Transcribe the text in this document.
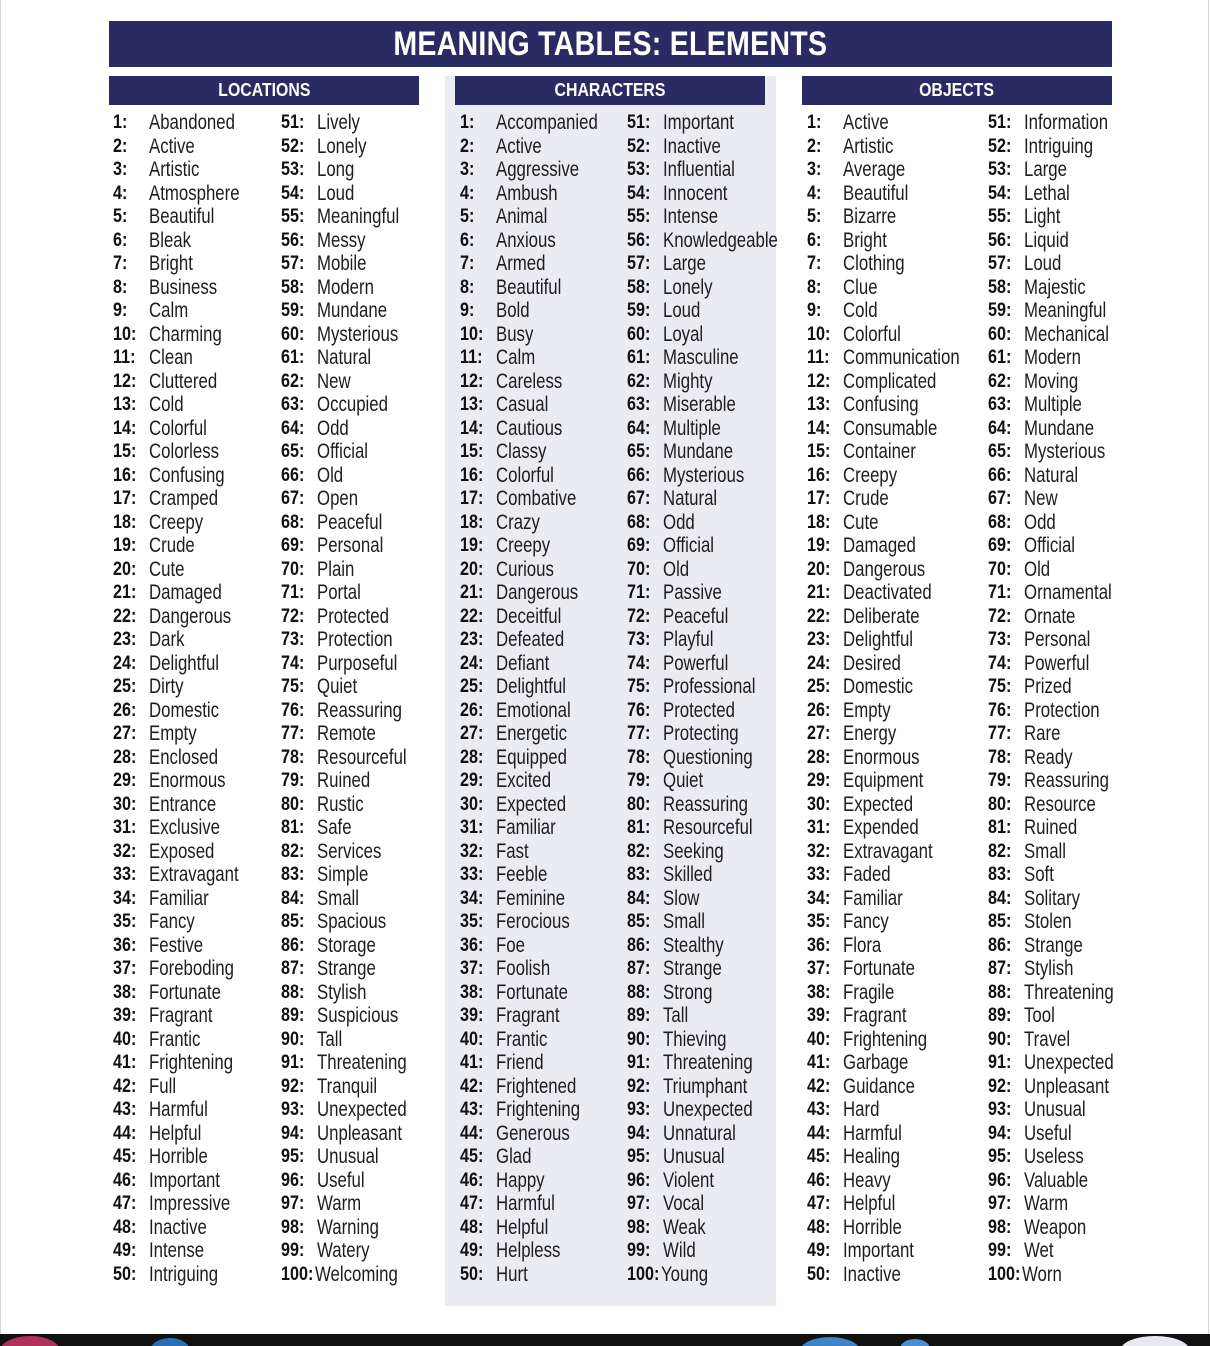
MEANING TABLES: ELEMENTS
LOCATIONS	CHARACTERS	OBJECTS
1: Abandoned
2: Active
3: Artistic
4: Atmosphere
5: Beautiful
6: Bleak
7: Bright
8: Business
9: Calm
10: Charming
11: Clean
12: Cluttered
13: Cold
14: Colorful
15: Colorless
16: Confusing
17: Cramped
18: Creepy
19: Crude
20: Cute
21: Damaged
22: Dangerous
23: Dark
24: Delightful
25: Dirty
26: Domestic
27: Empty
28: Enclosed
29: Enormous
30: Entrance
31: Exclusive
32: Exposed
33: Extravagant
34: Familiar
35: Fancy
36: Festive
37: Foreboding
38: Fortunate
39: Fragrant
40: Frantic
41: Frightening
42: Full
43: Harmful
44: Helpful
45: Horrible
46: Important
47: Impressive
48: Inactive
49: Intense
50: Intriguing
51: Lively
52: Lonely
53: Long
54: Loud
55: Meaningful
56: Messy
57: Mobile
58: Modern
59: Mundane
60: Mysterious
61: Natural
62: New
63: Occupied
64: Odd
65: Official
66: Old
67: Open
68: Peaceful
69: Personal
70: Plain
71: Portal
72: Protected
73: Protection
74: Purposeful
75: Quiet
76: Reassuring
77: Remote
78: Resourceful
79: Ruined
80: Rustic
81: Safe
82: Services
83: Simple
84: Small
85: Spacious
86: Storage
87: Strange
88: Stylish
89: Suspicious
90: Tall
91: Threatening
92: Tranquil
93: Unexpected
94: Unpleasant
95: Unusual
96: Useful
97: Warm
98: Warning
99: Watery
100: Welcoming
1: Accompanied
2: Active
3: Aggressive
4: Ambush
5: Animal
6: Anxious
7: Armed
8: Beautiful
9: Bold
10: Busy
11: Calm
12: Careless
13: Casual
14: Cautious
15: Classy
16: Colorful
17: Combative
18: Crazy
19: Creepy
20: Curious
21: Dangerous
22: Deceitful
23: Defeated
24: Defiant
25: Delightful
26: Emotional
27: Energetic
28: Equipped
29: Excited
30: Expected
31: Familiar
32: Fast
33: Feeble
34: Feminine
35: Ferocious
36: Foe
37: Foolish
38: Fortunate
39: Fragrant
40: Frantic
41: Friend
42: Frightened
43: Frightening
44: Generous
45: Glad
46: Happy
47: Harmful
48: Helpful
49: Helpless
50: Hurt
51: Important
52: Inactive
53: Influential
54: Innocent
55: Intense
56: Knowledgeable
57: Large
58: Lonely
59: Loud
60: Loyal
61: Masculine
62: Mighty
63: Miserable
64: Multiple
65: Mundane
66: Mysterious
67: Natural
68: Odd
69: Official
70: Old
71: Passive
72: Peaceful
73: Playful
74: Powerful
75: Professional
76: Protected
77: Protecting
78: Questioning
79: Quiet
80: Reassuring
81: Resourceful
82: Seeking
83: Skilled
84: Slow
85: Small
86: Stealthy
87: Strange
88: Strong
89: Tall
90: Thieving
91: Threatening
92: Triumphant
93: Unexpected
94: Unnatural
95: Unusual
96: Violent
97: Vocal
98: Weak
99: Wild
100: Young
1: Active
2: Artistic
3: Average
4: Beautiful
5: Bizarre
6: Bright
7: Clothing
8: Clue
9: Cold
10: Colorful
11: Communication
12: Complicated
13: Confusing
14: Consumable
15: Container
16: Creepy
17: Crude
18: Cute
19: Damaged
20: Dangerous
21: Deactivated
22: Deliberate
23: Delightful
24: Desired
25: Domestic
26: Empty
27: Energy
28: Enormous
29: Equipment
30: Expected
31: Expended
32: Extravagant
33: Faded
34: Familiar
35: Fancy
36: Flora
37: Fortunate
38: Fragile
39: Fragrant
40: Frightening
41: Garbage
42: Guidance
43: Hard
44: Harmful
45: Healing
46: Heavy
47: Helpful
48: Horrible
49: Important
50: Inactive
51: Information
52: Intriguing
53: Large
54: Lethal
55: Light
56: Liquid
57: Loud
58: Majestic
59: Meaningful
60: Mechanical
61: Modern
62: Moving
63: Multiple
64: Mundane
65: Mysterious
66: Natural
67: New
68: Odd
69: Official
70: Old
71: Ornamental
72: Ornate
73: Personal
74: Powerful
75: Prized
76: Protection
77: Rare
78: Ready
79: Reassuring
80: Resource
81: Ruined
82: Small
83: Soft
84: Solitary
85: Stolen
86: Strange
87: Stylish
88: Threatening
89: Tool
90: Travel
91: Unexpected
92: Unpleasant
93: Unusual
94: Useful
95: Useless
96: Valuable
97: Warm
98: Weapon
99: Wet
100: Worn
